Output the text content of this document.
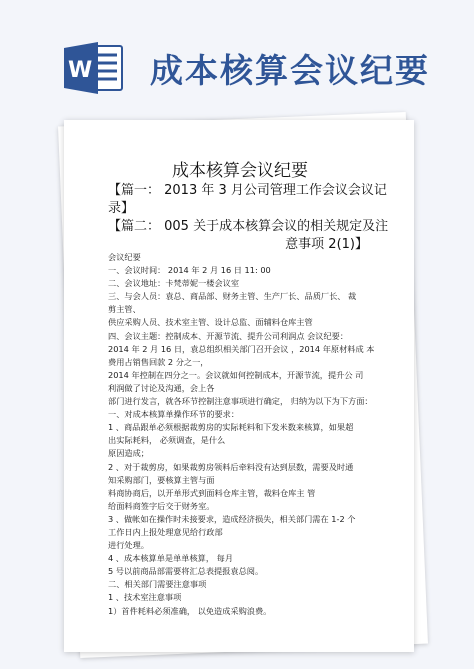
W 成本核算会议纪要
成本核算会议纪要
【篇一： 2013 年 3 月公司管理工作会议会议记
录】
【篇二： 005 关于成本核算会议的相关规定及注
意事项 2(1)】
会议纪要
一、会议时间： 2014 年 2 月 16 日 11: 00
二、会议地址：卡梵蒂妮一楼会议室
三、与会人员：袁总、商品部、财务主管、生产厂长、品质厂长、 裁
剪主管、
供应采购人员、技术室主管、设计总监、面辅料仓库主管
四、会议主题：控制成本、开源节流、提升公司利润点 会议纪要：
2014 年 2 月 16 日，袁总组织相关部门召开会议 ，2014 年原材料成 本
费用占销售回款 2 分之一，
2014 年控制在四分之一。会议就如何控制成本，开源节流，提升公 司
利润做了讨论及沟通，会上各
部门进行发言，就各环节控制注意事项进行确定， 归纳为以下为下方面：
一、对成本核算单操作环节的要求：
1 、商品跟单必须根据裁剪房的实际耗料和下发米数来核算，如果超
出实际耗料， 必须调查，是什么
原因造成；
2 、对于裁剪房，如果裁剪房领料后牵料没有达到层数，需要及时通
知采购部门，要核算主管与面
料商协商后，以开单形式到面料仓库主管，裁料仓库主 管
给面料商签字后交于财务室。
3 、做帐如在操作时未接要求，造成经济损失，相关部门需在 1-2 个
工作日内上报处理意见给行政部
进行处理。
4 、成本核算单是单单核算， 每月
5 号以前商品部需要将汇总表提报袁总阅。
二、相关部门需要注意事项
1 、技术室注意事项
1）首件耗料必须准确， 以免造成采购浪费。
